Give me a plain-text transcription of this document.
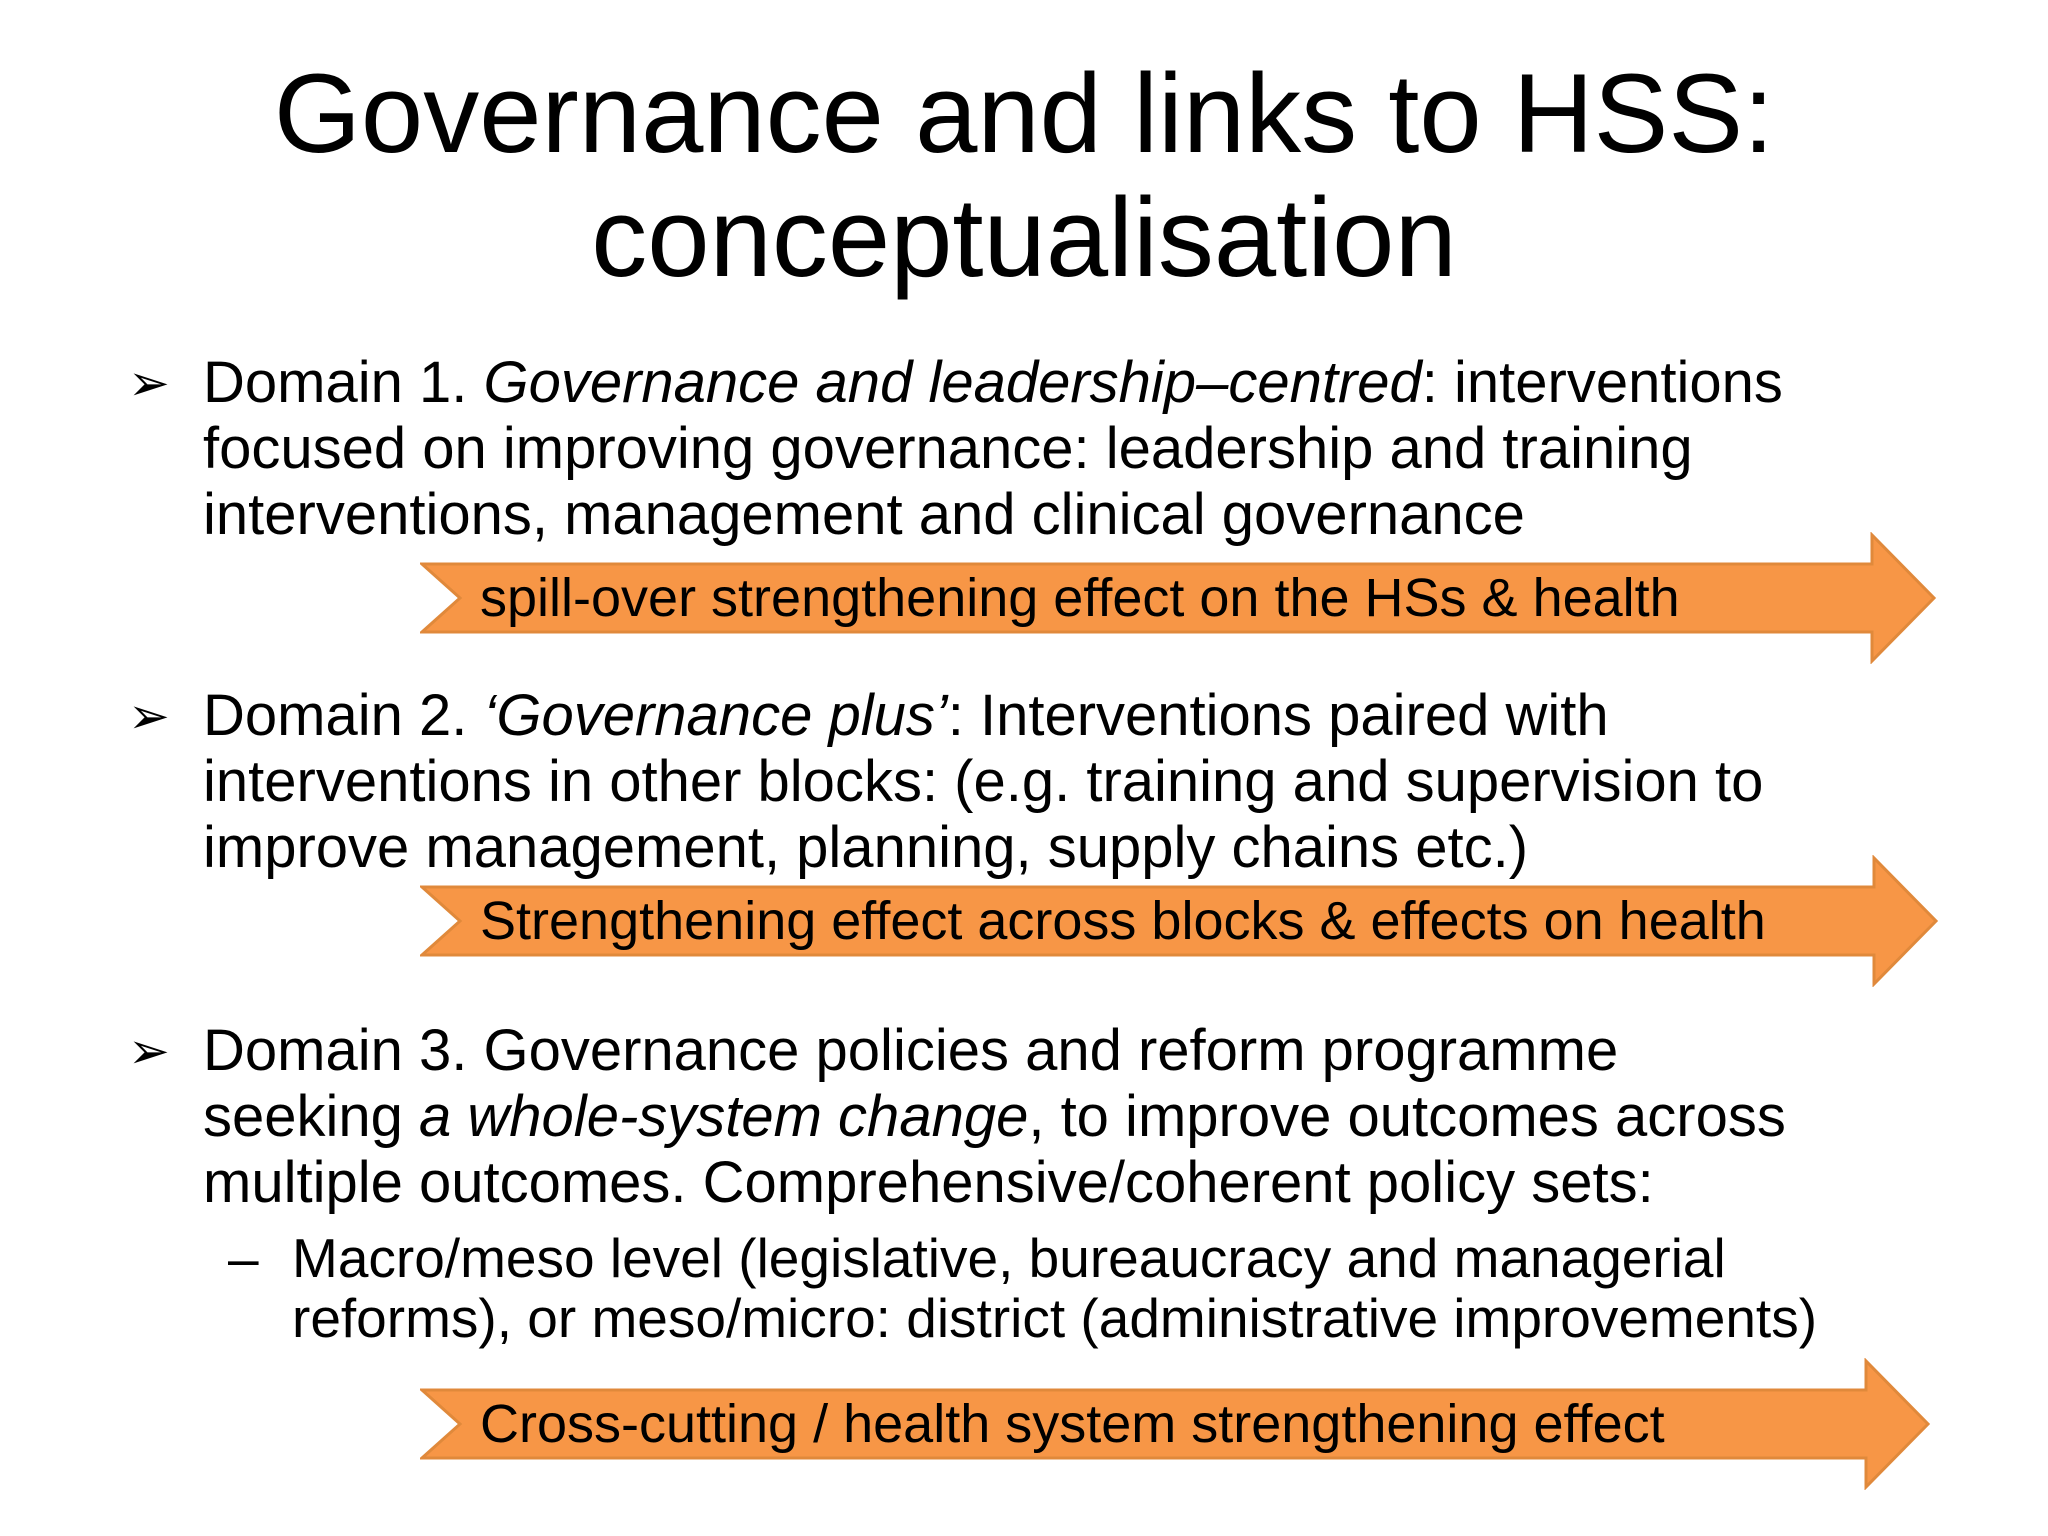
Governance and links to HSS:
conceptualisation
➢ Domain 1. Governance and leadership–centred: interventions
focused on improving governance: leadership and training
interventions, management and clinical governance
spill-over strengthening effect on the HSs & health
➢ Domain 2. ‘Governance plus’: Interventions paired with
interventions in other blocks: (e.g. training and supervision to
improve management, planning, supply chains etc.)
Strengthening effect across blocks & effects on health
➢ Domain 3. Governance policies and reform programme
seeking a whole-system change, to improve outcomes across
multiple outcomes. Comprehensive/coherent policy sets:
– Macro/meso level (legislative, bureaucracy and managerial
reforms), or meso/micro: district (administrative improvements)
Cross-cutting / health system strengthening effect
